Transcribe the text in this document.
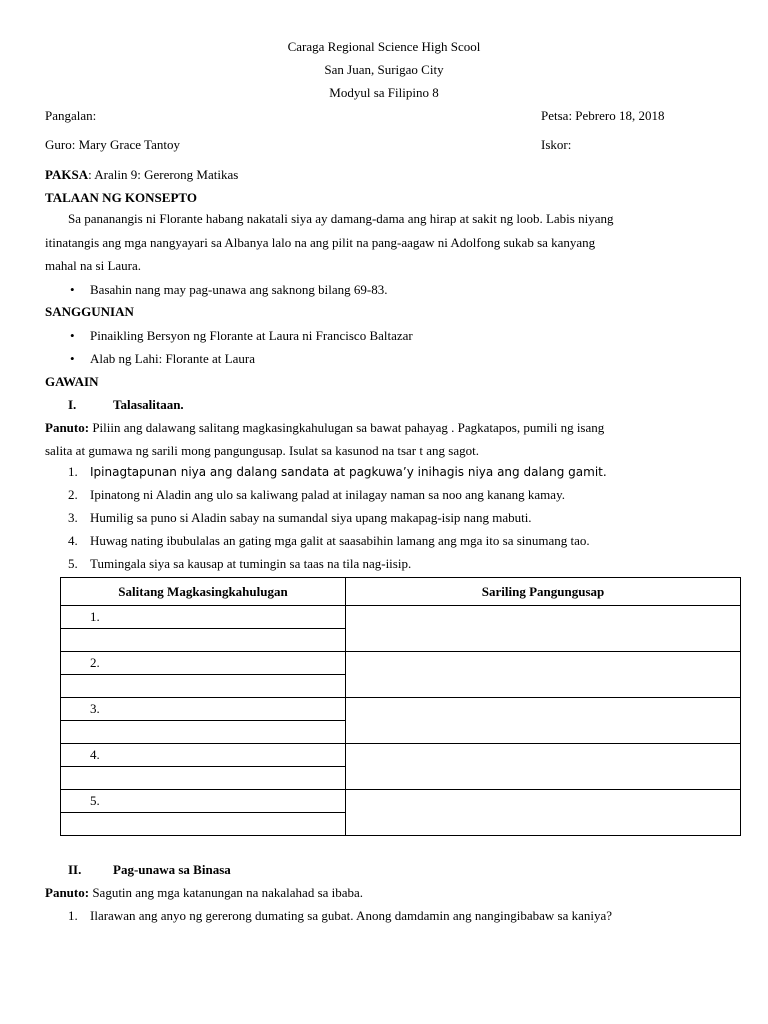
Caraga Regional Science High Scool
San Juan, Surigao City
Modyul sa Filipino 8
Pangalan:	Petsa: Pebrero 18, 2018
Guro: Mary Grace Tantoy	Iskor:
PAKSA: Aralin 9: Gererong Matikas
TALAAN NG KONSEPTO
Sa pananangis ni Florante habang nakatali siya ay damang-dama ang hirap at sakit ng loob. Labis niyang
itinatangis ang mga nangyayari sa Albanya lalo na ang pilit na pang-aagaw ni Adolfong sukab sa kanyang
mahal na si Laura.
• Basahin nang may pag-unawa ang saknong bilang 69-83.
SANGGUNIAN
• Pinaikling Bersyon ng Florante at Laura ni Francisco Baltazar
• Alab ng Lahi: Florante at Laura
GAWAIN
I.	Talasalitaan.
Panuto: Piliin ang dalawang salitang magkasingkahulugan sa bawat pahayag . Pagkatapos, pumili ng isang
salita at gumawa ng sarili mong pangungusap. Isulat sa kasunod na tsar t ang sagot.
1. Ipinagtapunan niya ang dalang sandata at pagkuwa’y inihagis niya ang dalang gamit.
2. Ipinatong ni Aladin ang ulo sa kaliwang palad at inilagay naman sa noo ang kanang kamay.
3. Humilig sa puno si Aladin sabay na sumandal siya upang makapag-isip nang mabuti.
4. Huwag nating ibubulalas an gating mga galit at saasabihin lamang ang mga ito sa sinumang tao.
5. Tumingala siya sa kausap at tumingin sa taas na tila nag-iisip.
Salitang Magkasingkahulugan	Sariling Pangungusap
1.	

2.	

3.	

4.	

5.	

II. Pag-unawa sa Binasa
Panuto: Sagutin ang mga katanungan na nakalahad sa ibaba.
1. Ilarawan ang anyo ng gererong dumating sa gubat. Anong damdamin ang nangingibabaw sa kaniya?
